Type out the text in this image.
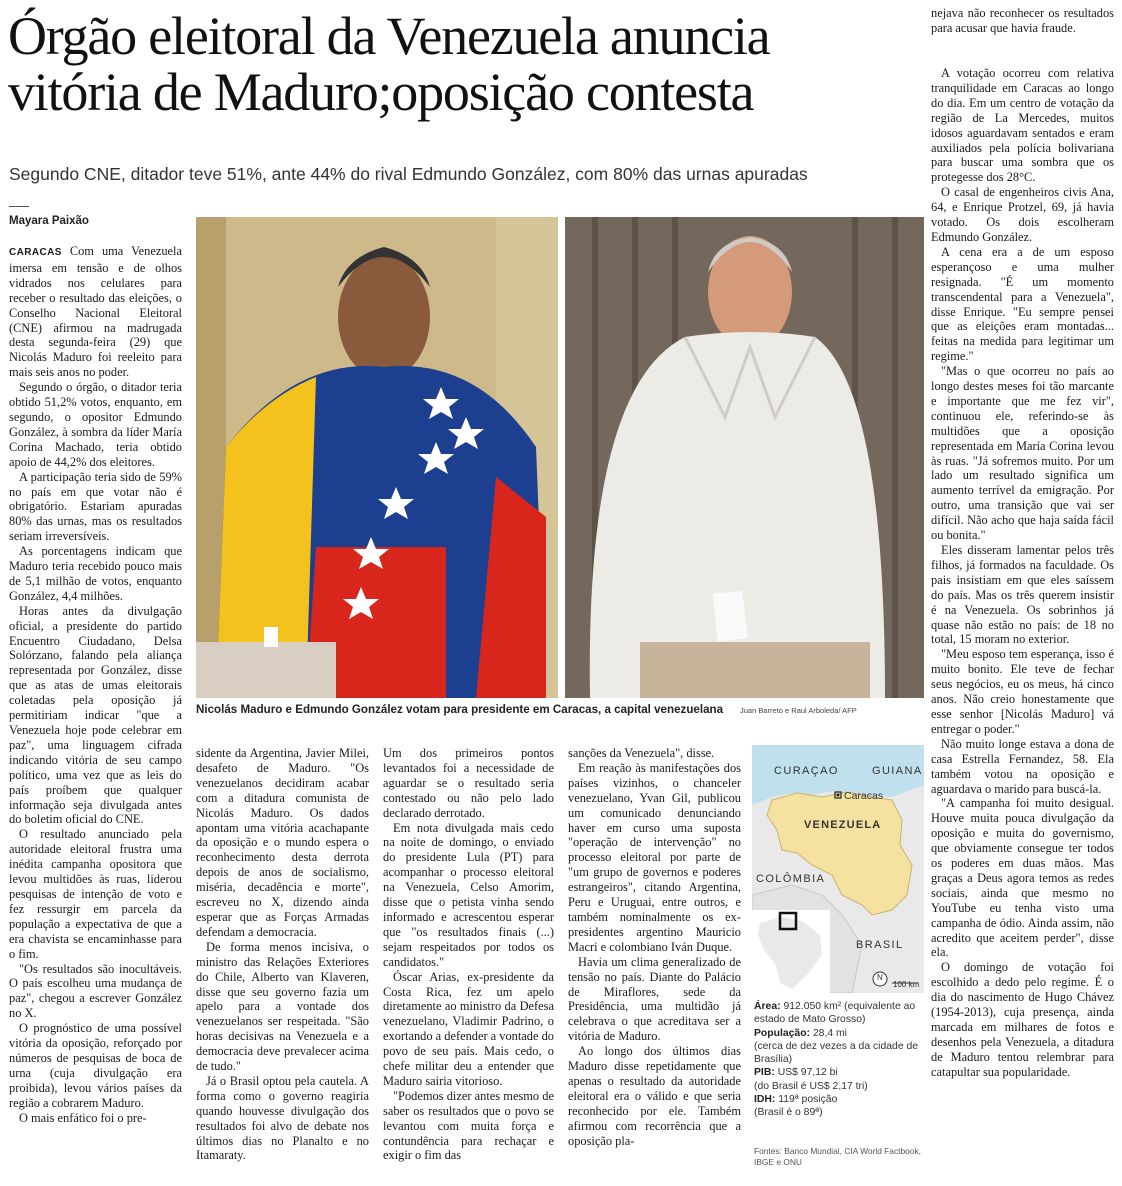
Órgão eleitoral da Venezuela anuncia
vitória de Maduro;oposição contesta
Segundo CNE, ditador teve 51%, ante 44% do rival Edmundo González, com 80% das urnas apuradas
Mayara Paixão

CARACAS Com uma Venezuela imersa em tensão e de olhos vidrados nos celulares para receber o resultado das eleições, o Conselho Nacional Eleitoral (CNE) afirmou na madrugada desta segunda-feira (29) que Nicolás Maduro foi reeleito para mais seis anos no poder.

Segundo o órgão, o ditador teria obtido 51,2% votos, enquanto, em segundo, o opositor Edmundo González, à sombra da líder María Corina Machado, teria obtido apoio de 44,2% dos eleitores.

A participação teria sido de 59% no país em que votar não é obrigatório. Estariam apuradas 80% das urnas, mas os resultados seriam irreversíveis.

As porcentagens indicam que Maduro teria recebido pouco mais de 5,1 milhão de votos, enquanto González, 4,4 milhões.

Horas antes da divulgação oficial, a presidente do partido Encuentro Ciudadano, Delsa Solórzano, falando pela aliança representada por González, disse que as atas de umas eleitorais coletadas pela oposição já permitiriam indicar "que a Venezuela hoje pode celebrar em paz", uma linguagem cifrada indicando vitória de seu campo político, uma vez que as leis do país proíbem que qualquer informação seja divulgada antes do boletim oficial do CNE.

O resultado anunciado pela autoridade eleitoral frustra uma inédita campanha opositora que levou multidões às ruas, liderou pesquisas de intenção de voto e fez ressurgir em parcela da população a expectativa de que a era chavista se encaminhasse para o fim.

"Os resultados são inocultáveis. O país escolheu uma mudança de paz", chegou a escrever González no X.

O prognóstico de uma possível vitória da oposição, reforçado por números de pesquisas de boca de urna (cuja divulgação era proibida), levou vários países da região a cobrarem Maduro.

O mais enfático foi o pre-

Nicolás Maduro e Edmundo González votam para presidente em Caracas, a capital venezuelana Juan Barreto e Raul Arboleda/ AFP

sidente da Argentina, Javier Milei, desafeto de Maduro. "Os venezuelanos decidiram acabar com a ditadura comunista de Nicolás Maduro. Os dados apontam uma vitória acachapante da oposição e o mundo espera o reconhecimento desta derrota depois de anos de socialismo, miséria, decadência e morte", escreveu no X, dizendo ainda esperar que as Forças Armadas defendam a democracia.

De forma menos incisiva, o ministro das Relações Exteriores do Chile, Alberto van Klaveren, disse que seu governo fazia um apelo para a vontade dos venezuelanos ser respeitada. "São horas decisivas na Venezuela e a democracia deve prevalecer acima de tudo."

Já o Brasil optou pela cautela. A forma como o governo reagiria quando houvesse divulgação dos resultados foi alvo de debate nos últimos dias no Planalto e no Itamaraty.

Um dos primeiros pontos levantados foi a necessidade de aguardar se o resultado seria contestado ou não pelo lado declarado derrotado.

Em nota divulgada mais cedo na noite de domingo, o enviado do presidente Lula (PT) para acompanhar o processo eleitoral na Venezuela, Celso Amorim, disse que o petista vinha sendo informado e acrescentou esperar que "os resultados finais (...) sejam respeitados por todos os candidatos."

Óscar Arias, ex-presidente da Costa Rica, fez um apelo diretamente ao ministro da Defesa venezuelano, Vladimir Padrino, o exortando a defender a vontade do povo de seu país. Mais cedo, o chefe militar deu a entender que Maduro sairia vitorioso.

"Podemos dizer antes mesmo de saber os resultados que o povo se levantou com muita força e contundência para rechaçar e exigir o fim das

sanções da Venezuela", disse.

Em reação às manifestações dos países vizinhos, o chanceler venezuelano, Yvan Gil, publicou um comunicado denunciando haver em curso uma suposta "operação de intervenção" no processo eleitoral por parte de "um grupo de governos e poderes estrangeiros", citando Argentina, Peru e Uruguai, entre outros, e também nominalmente os ex-presidentes argentino Mauricio Macri e colombiano Iván Duque.

Havia um clima generalizado de tensão no país. Diante do Palácio de Miraflores, sede da Presidência, uma multidão já celebrava o que acreditava ser a vitória de Maduro.

Ao longo dos últimos dias Maduro disse repetidamente que apenas o resultado da autoridade eleitoral era o válido e que seria reconhecido por ele. Também afirmou com recorrência que a oposição pla-

CURAÇAO	GUIANA
Caracas
VENEZUELA
COLÔMBIA
BRASIL
N
100 km
Área: 912.050 km² (equivalente ao estado de Mato Grosso)
População: 28,4 mi
(cerca de dez vezes a da cidade de Brasília)
PIB: US$ 97,12 bi
(do Brasil é US$ 2,17 tri)
IDH: 119ª posição
(Brasil é o 89ª)
Fontes: Banco Mundial, CIA World Factbook, IBGE e ONU
nejava não reconhecer os resultados para acusar que havia fraude.

A votação ocorreu com relativa tranquilidade em Caracas ao longo do dia. Em um centro de votação da região de La Mercedes, muitos idosos aguardavam sentados e eram auxiliados pela polícia bolivariana para buscar uma sombra que os protegesse dos 28°C.

O casal de engenheiros civis Ana, 64, e Enrique Protzel, 69, já havia votado. Os dois escolheram Edmundo González.

A cena era a de um esposo esperançoso e uma mulher resignada. "É um momento transcendental para a Venezuela", disse Enrique. "Eu sempre pensei que as eleições eram montadas... feitas na medida para legitimar um regime."

"Mas o que ocorreu no país ao longo destes meses foi tão marcante e importante que me fez vir", continuou ele, referindo-se às multidões que a oposição representada em María Corina levou às ruas. "Já sofremos muito. Por um lado um resultado significa um aumento terrível da emigração. Por outro, uma transição que vai ser difícil. Não acho que haja saída fácil ou bonita."

Eles disseram lamentar pelos três filhos, já formados na faculdade. Os pais insistiam em que eles saíssem do país. Mas os três querem insistir é na Venezuela. Os sobrinhos já quase não estão no país: de 18 no total, 15 moram no exterior.

"Meu esposo tem esperança, isso é muito bonito. Ele teve de fechar seus negócios, eu os meus, há cinco anos. Não creio honestamente que esse senhor [Nicolás Maduro] vá entregar o poder."

Não muito longe estava a dona de casa Estrella Fernandez, 58. Ela também votou na oposição e aguardava o marido para buscá-la.

"A campanha foi muito desigual. Houve muita pouca divulgação da oposição e muita do governismo, que obviamente consegue ter todos os poderes em duas mãos. Mas graças a Deus agora temos as redes sociais, ainda que mesmo no YouTube eu tenha visto uma campanha de ódio. Ainda assim, não acredito que aceitem perder", disse ela.

O domingo de votação foi escolhido a dedo pelo regime. É o dia do nascimento de Hugo Chávez (1954-2013), cuja presença, ainda marcada em milhares de fotos e desenhos pela Venezuela, a ditadura de Maduro tentou relembrar para catapultar sua popularidade.
